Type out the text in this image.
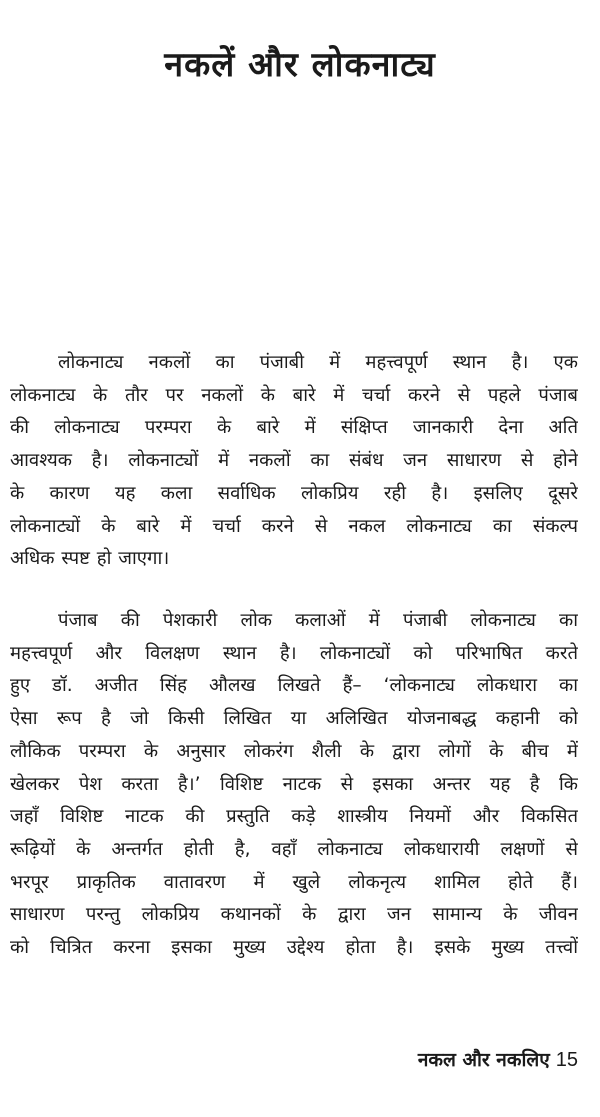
नकलें और लोकनाट्य
लोकनाट्य नकलों का पंजाबी में महत्त्वपूर्ण स्थान है। एक
लोकनाट्य के तौर पर नकलों के बारे में चर्चा करने से पहले पंजाब
की लोकनाट्य परम्परा के बारे में संक्षिप्त जानकारी देना अति
आवश्यक है। लोकनाट्यों में नकलों का संबंध जन साधारण से होने
के कारण यह कला सर्वाधिक लोकप्रिय रही है। इसलिए दूसरे
लोकनाट्यों के बारे में चर्चा करने से नकल लोकनाट्य का संकल्प
अधिक स्पष्ट हो जाएगा।
पंजाब की पेशकारी लोक कलाओं में पंजाबी लोकनाट्य का
महत्त्वपूर्ण और विलक्षण स्थान है। लोकनाट्यों को परिभाषित करते
हुए डॉ. अजीत सिंह औलख लिखते हैं– ‘लोकनाट्य लोकधारा का
ऐसा रूप है जो किसी लिखित या अलिखित योजनाबद्ध कहानी को
लौकिक परम्परा के अनुसार लोकरंग शैली के द्वारा लोगों के बीच में
खेलकर पेश करता है।’ विशिष्ट नाटक से इसका अन्तर यह है कि
जहाँ विशिष्ट नाटक की प्रस्तुति कड़े शास्त्रीय नियमों और विकसित
रूढ़ियों के अन्तर्गत होती है, वहाँ लोकनाट्य लोकधारायी लक्षणों से
भरपूर प्राकृतिक वातावरण में खुले लोकनृत्य शामिल होते हैं।
साधारण परन्तु लोकप्रिय कथानकों के द्वारा जन सामान्य के जीवन
को चित्रित करना इसका मुख्य उद्देश्य होता है। इसके मुख्य तत्त्वों
नकल और नकलिए 15
